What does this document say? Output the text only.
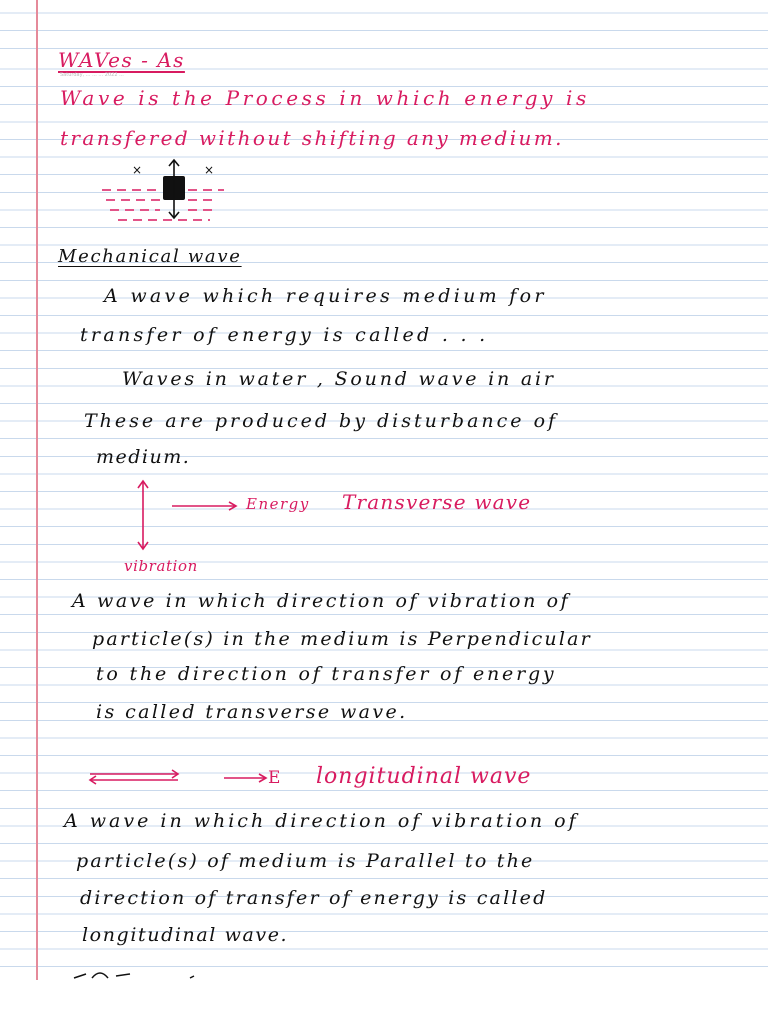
WAVes - As

Saturday, ... ... ... 2022 ...

Wave is the Process in which energy is

transfered without shifting any medium.

×	×

Mechanical wave

A wave which requires medium for

transfer of energy is called . . .

Waves in water , Sound wave in air

These are produced by disturbance of

medium.

Energy Transverse wave

vibration

A wave in which direction of vibration of

particle(s) in the medium is Perpendicular

to the direction of transfer of energy

is called transverse wave.

E longitudinal wave

A wave in which direction of vibration of

particle(s) of medium is Parallel to the

direction of transfer of energy is called

longitudinal wave.
